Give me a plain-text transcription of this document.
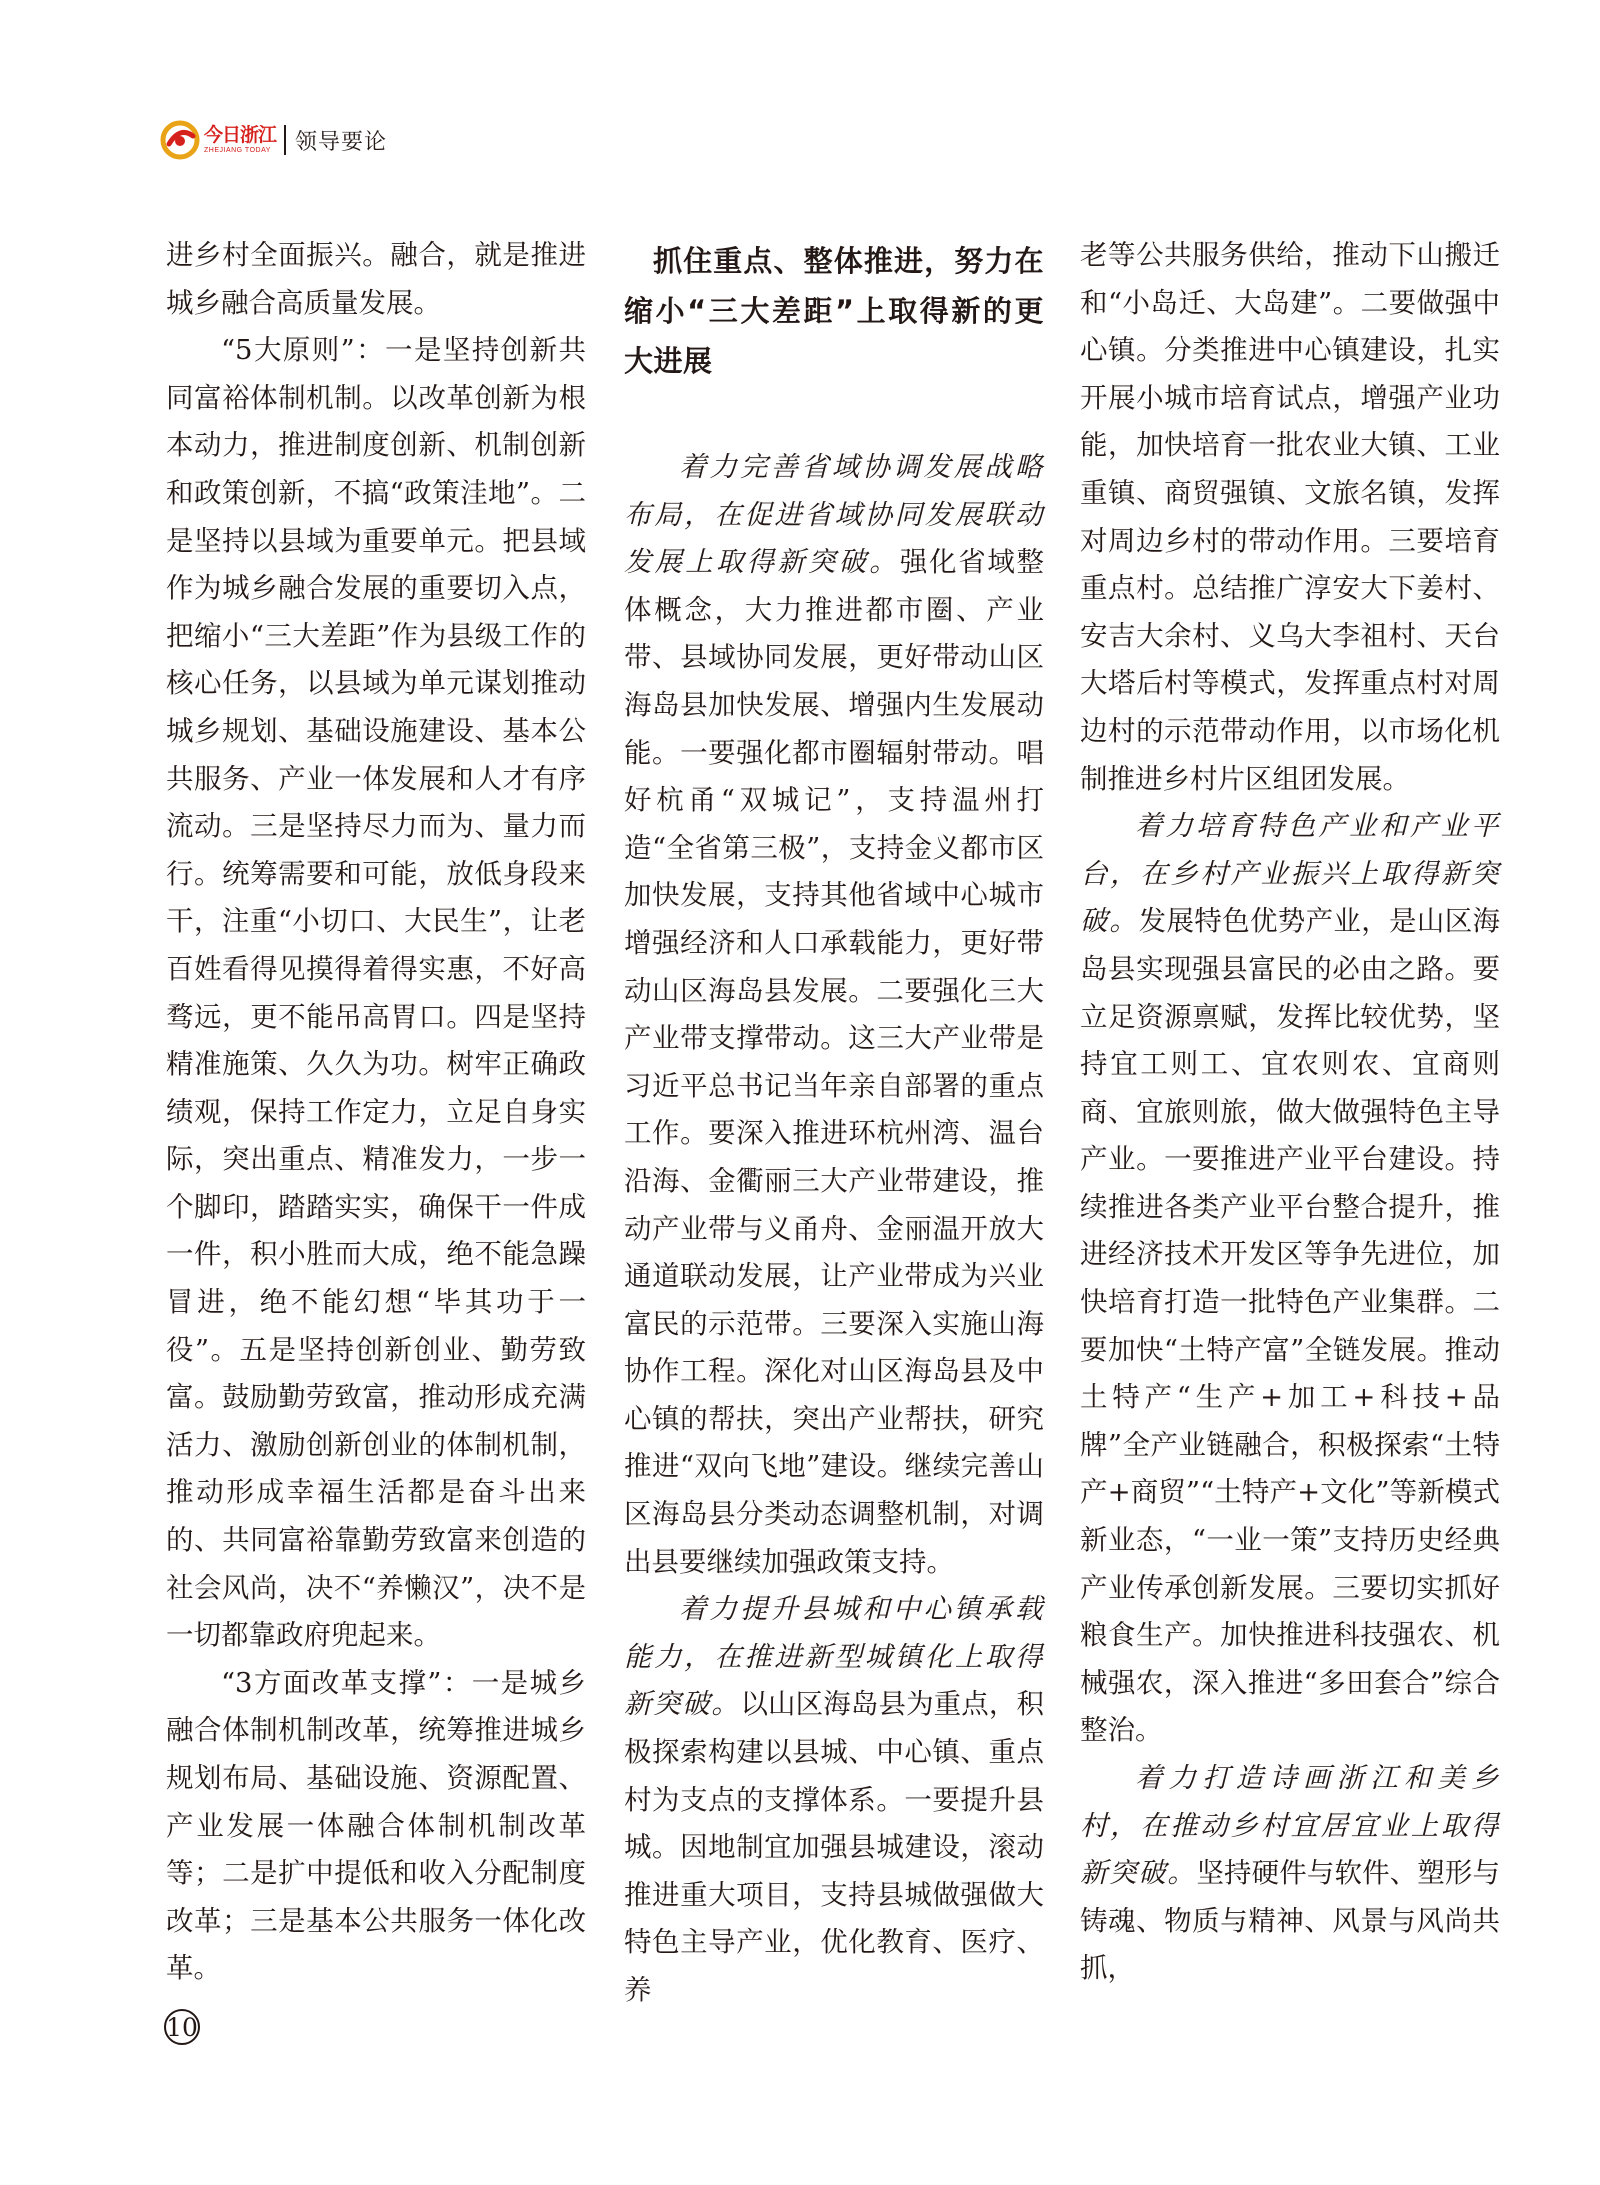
今日浙江
ZHEJIANG TODAY 领导要论

进乡村全面振兴。融合，就是推进城乡融合高质量发展。

“5大原则”：一是坚持创新共同富裕体制机制。以改革创新为根本动力，推进制度创新、机制创新和政策创新，不搞“政策洼地”。二是坚持以县域为重要单元。把县域作为城乡融合发展的重要切入点，把缩小“三大差距”作为县级工作的核心任务，以县域为单元谋划推动城乡规划、基础设施建设、基本公共服务、产业一体发展和人才有序流动。三是坚持尽力而为、量力而行。统筹需要和可能，放低身段来干，注重“小切口、大民生”，让老百姓看得见摸得着得实惠，不好高骛远，更不能吊高胃口。四是坚持精准施策、久久为功。树牢正确政绩观，保持工作定力，立足自身实际，突出重点、精准发力，一步一个脚印，踏踏实实，确保干一件成一件，积小胜而大成，绝不能急躁冒进，绝不能幻想“毕其功于一役”。五是坚持创新创业、勤劳致富。鼓励勤劳致富，推动形成充满活力、激励创新创业的体制机制，推动形成幸福生活都是奋斗出来的、共同富裕靠勤劳致富来创造的社会风尚，决不“养懒汉”，决不是一切都靠政府兜起来。

“3方面改革支撑”：一是城乡融合体制机制改革，统筹推进城乡规划布局、基础设施、资源配置、产业发展一体融合体制机制改革等；二是扩中提低和收入分配制度改革；三是基本公共服务一体化改革。

抓住重点、整体推进，努力在缩小“三大差距”上取得新的更大进展

着力完善省域协调发展战略布局，在促进省域协同发展联动发展上取得新突破。强化省域整体概念，大力推进都市圈、产业带、县域协同发展，更好带动山区海岛县加快发展、增强内生发展动能。一要强化都市圈辐射带动。唱好杭甬“双城记”，支持温州打造“全省第三极”，支持金义都市区加快发展，支持其他省域中心城市增强经济和人口承载能力，更好带动山区海岛县发展。二要强化三大产业带支撑带动。这三大产业带是习近平总书记当年亲自部署的重点工作。要深入推进环杭州湾、温台沿海、金衢丽三大产业带建设，推动产业带与义甬舟、金丽温开放大通道联动发展，让产业带成为兴业富民的示范带。三要深入实施山海协作工程。深化对山区海岛县及中心镇的帮扶，突出产业帮扶，研究推进“双向飞地”建设。继续完善山区海岛县分类动态调整机制，对调出县要继续加强政策支持。

着力提升县城和中心镇承载能力，在推进新型城镇化上取得新突破。以山区海岛县为重点，积极探索构建以县城、中心镇、重点村为支点的支撑体系。一要提升县城。因地制宜加强县城建设，滚动推进重大项目，支持县城做强做大特色主导产业，优化教育、医疗、养

老等公共服务供给，推动下山搬迁和“小岛迁、大岛建”。二要做强中心镇。分类推进中心镇建设，扎实开展小城市培育试点，增强产业功能，加快培育一批农业大镇、工业重镇、商贸强镇、文旅名镇，发挥对周边乡村的带动作用。三要培育重点村。总结推广淳安大下姜村、安吉大余村、义乌大李祖村、天台大塔后村等模式，发挥重点村对周边村的示范带动作用，以市场化机制推进乡村片区组团发展。

着力培育特色产业和产业平台，在乡村产业振兴上取得新突破。发展特色优势产业，是山区海岛县实现强县富民的必由之路。要立足资源禀赋，发挥比较优势，坚持宜工则工、宜农则农、宜商则商、宜旅则旅，做大做强特色主导产业。一要推进产业平台建设。持续推进各类产业平台整合提升，推进经济技术开发区等争先进位，加快培育打造一批特色产业集群。二要加快“土特产富”全链发展。推动土特产“生产+加工+科技+品牌”全产业链融合，积极探索“土特产+商贸”“土特产+文化”等新模式新业态，“一业一策”支持历史经典产业传承创新发展。三要切实抓好粮食生产。加快推进科技强农、机械强农，深入推进“多田套合”综合整治。

着力打造诗画浙江和美乡村，在推动乡村宜居宜业上取得新突破。坚持硬件与软件、塑形与铸魂、物质与精神、风景与风尚共抓，

10
